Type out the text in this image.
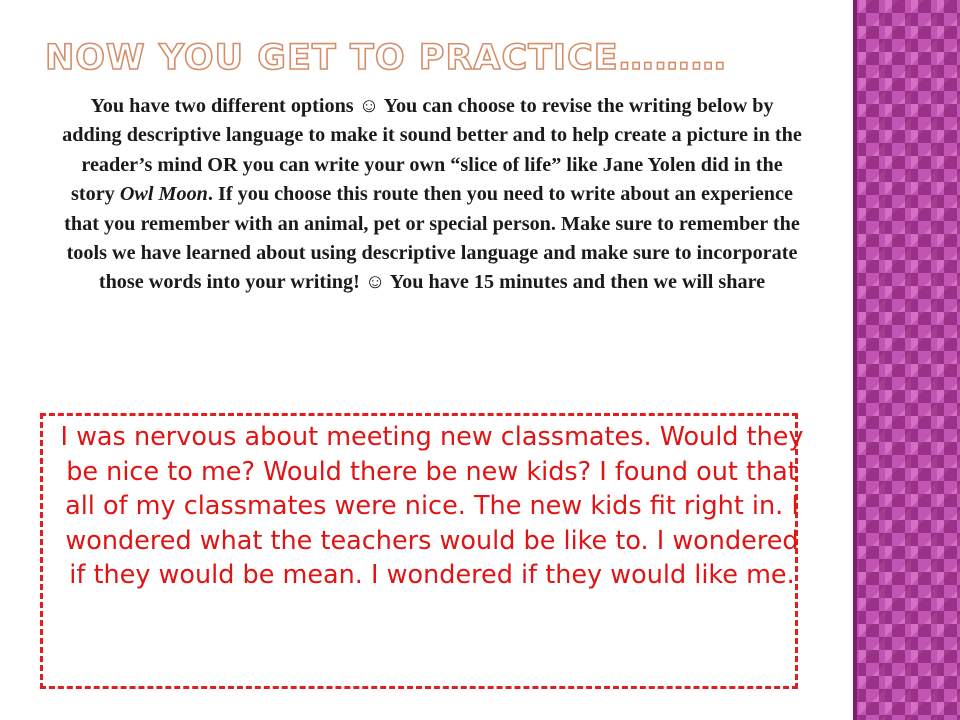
NOW YOU GET TO PRACTICE………

You have two different options ☺ You can choose to revise the writing below by adding descriptive language to make it sound better and to help create a picture in the reader’s mind OR you can write your own “slice of life” like Jane Yolen did in the story Owl Moon. If you choose this route then you need to write about an experience that you remember with an animal, pet or special person. Make sure to remember the tools we have learned about using descriptive language and make sure to incorporate those words into your writing! ☺ You have 15 minutes and then we will share

I was nervous about meeting new classmates. Would they be nice to me? Would there be new kids? I found out that all of my classmates were nice. The new kids fit right in. I wondered what the teachers would be like to. I wondered if they would be mean. I wondered if they would like me.
